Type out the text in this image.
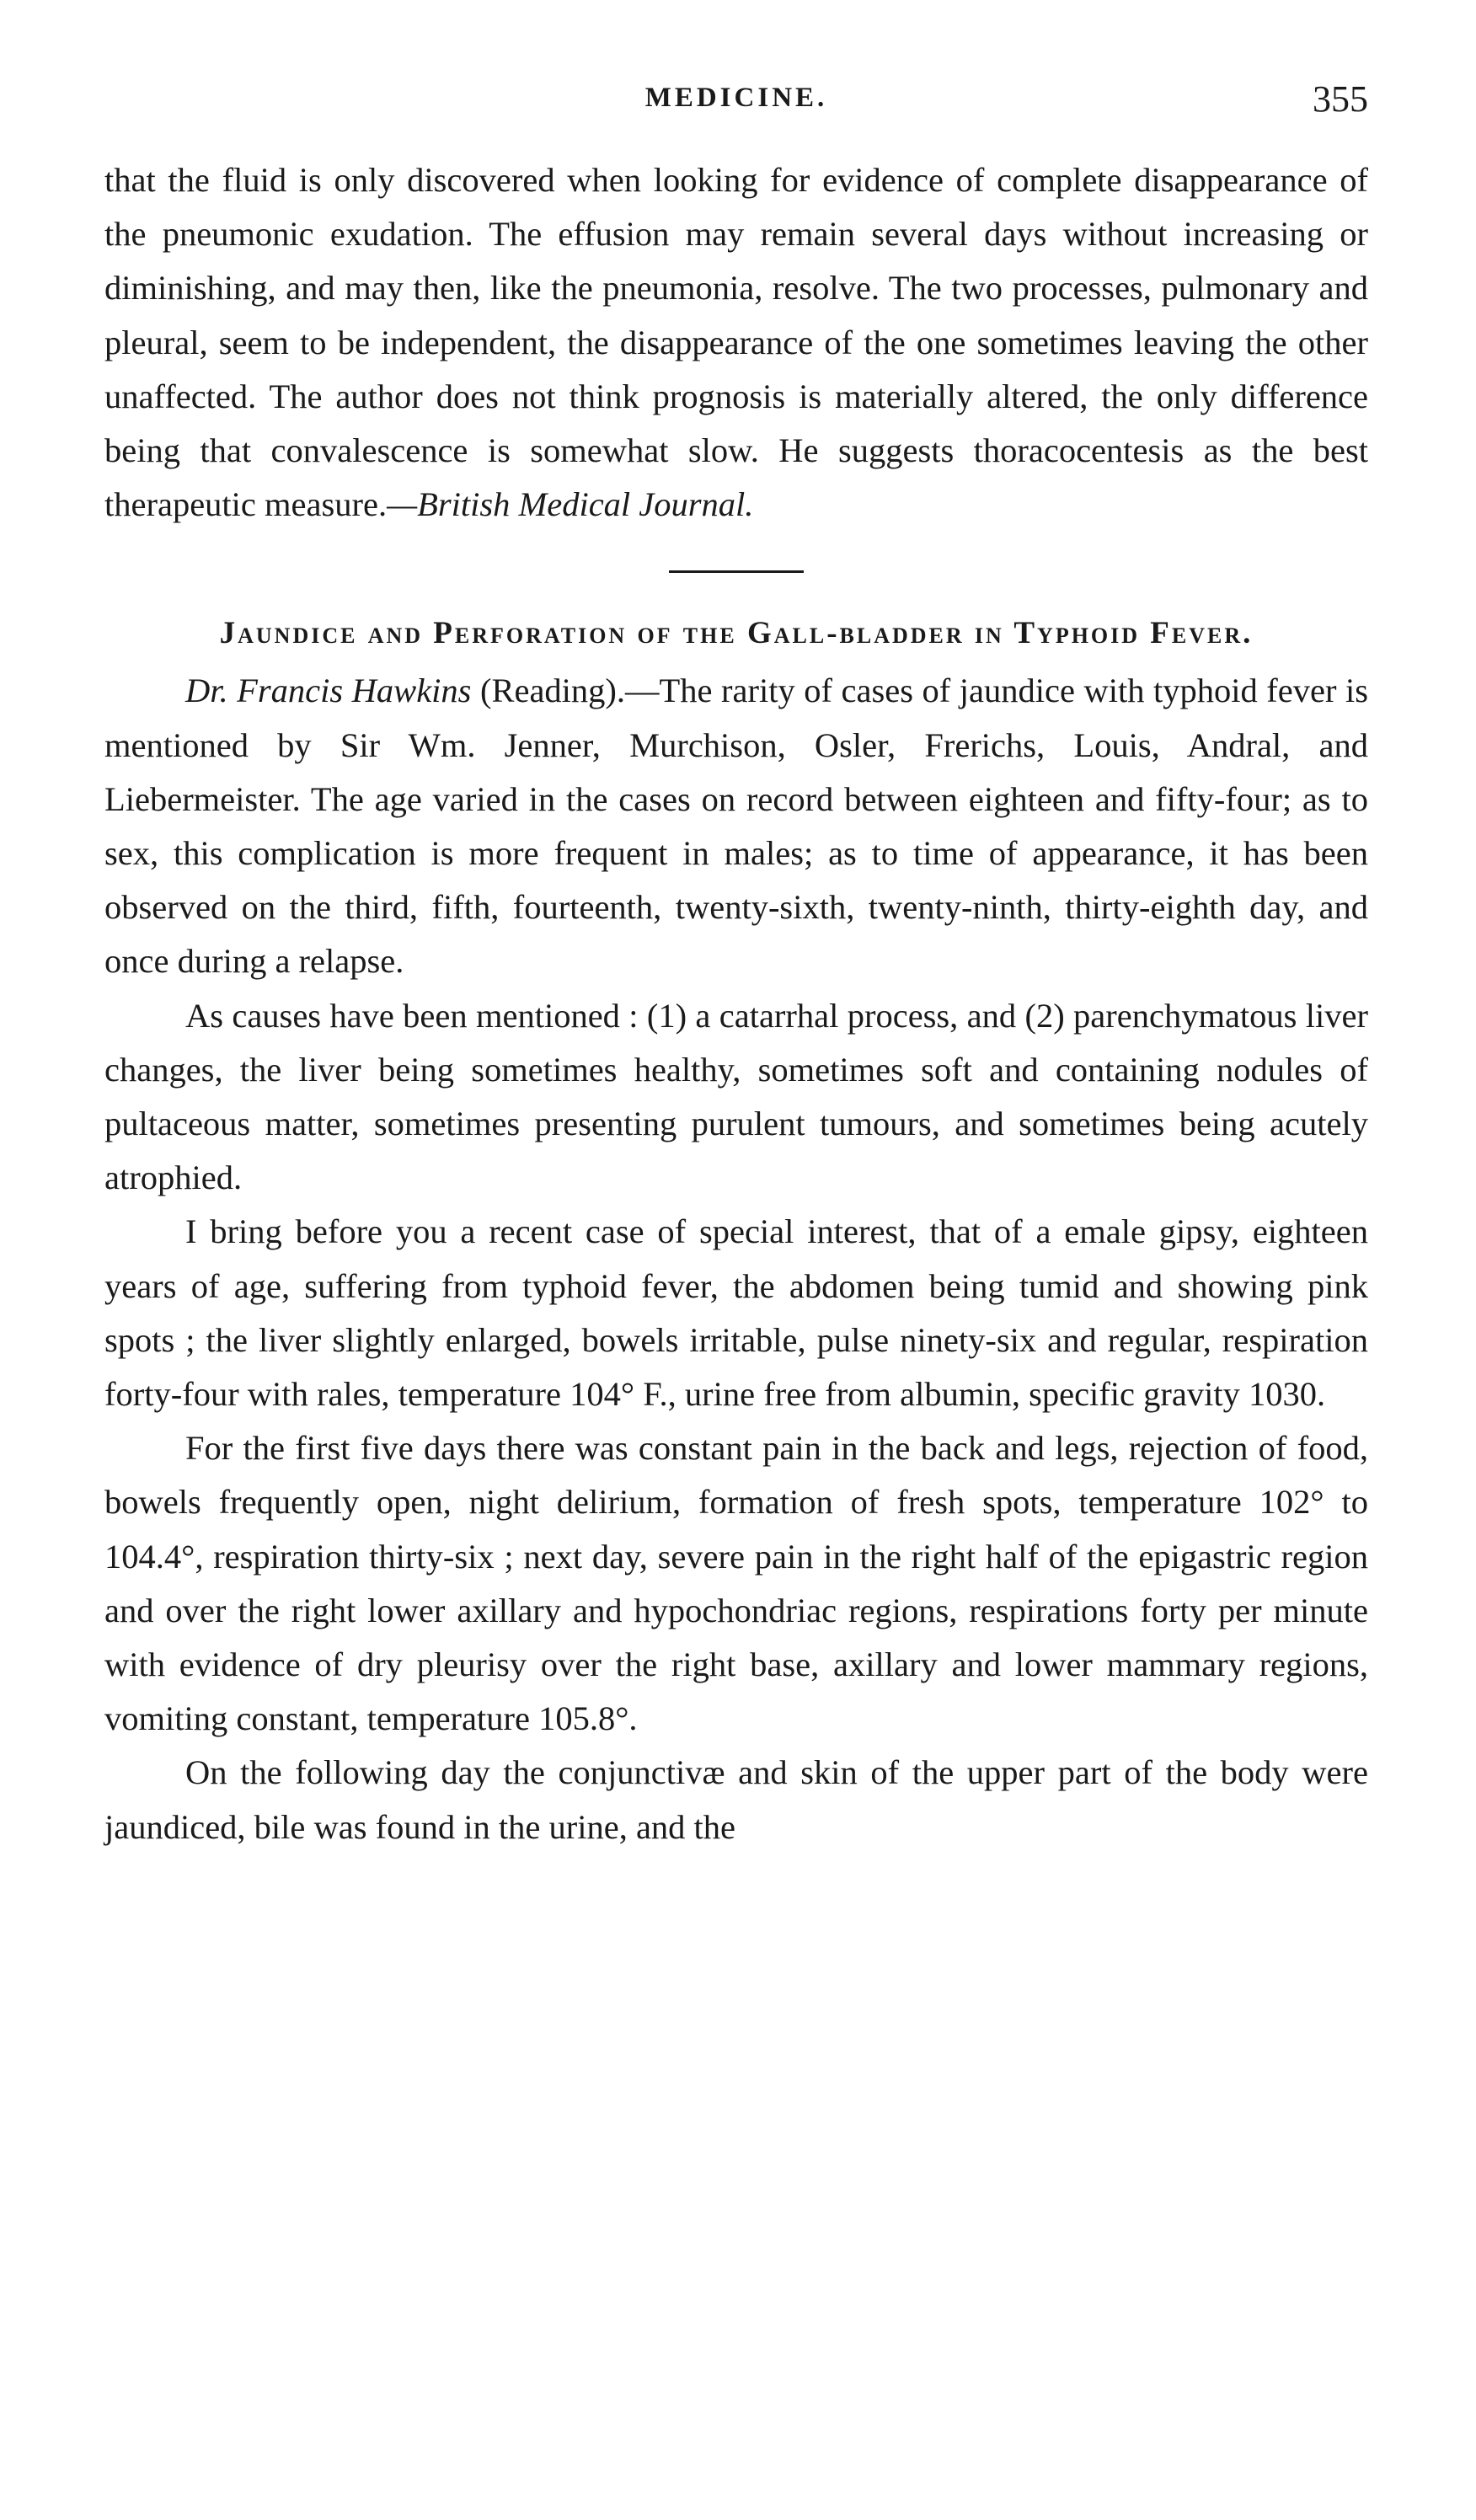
MEDICINE.	355

that the fluid is only discovered when looking for evidence of complete disappearance of the pneumonic exudation. The effusion may remain several days without increasing or diminishing, and may then, like the pneumonia, resolve. The two processes, pulmonary and pleural, seem to be independent, the disappearance of the one sometimes leaving the other unaffected. The author does not think prognosis is materially altered, the only difference being that convalescence is somewhat slow. He suggests thoracocentesis as the best therapeutic measure.—British Medical Journal.

Jaundice and Perforation of the Gall-bladder in Typhoid Fever.

Dr. Francis Hawkins (Reading).—The rarity of cases of jaundice with typhoid fever is mentioned by Sir Wm. Jenner, Murchison, Osler, Frerichs, Louis, Andral, and Liebermeister. The age varied in the cases on record between eighteen and fifty-four; as to sex, this complication is more frequent in males; as to time of appearance, it has been observed on the third, fifth, fourteenth, twenty-sixth, twenty-ninth, thirty-eighth day, and once during a relapse.

As causes have been mentioned : (1) a catarrhal process, and (2) parenchymatous liver changes, the liver being sometimes healthy, sometimes soft and containing nodules of pultaceous matter, sometimes presenting purulent tumours, and sometimes being acutely atrophied.

I bring before you a recent case of special interest, that of a emale gipsy, eighteen years of age, suffering from typhoid fever, the abdomen being tumid and showing pink spots ; the liver slightly enlarged, bowels irritable, pulse ninety-six and regular, respiration forty-four with rales, temperature 104° F., urine free from albumin, specific gravity 1030.

For the first five days there was constant pain in the back and legs, rejection of food, bowels frequently open, night delirium, formation of fresh spots, temperature 102° to 104.4°, respiration thirty-six ; next day, severe pain in the right half of the epigastric region and over the right lower axillary and hypochondriac regions, respirations forty per minute with evidence of dry pleurisy over the right base, axillary and lower mammary regions, vomiting constant, temperature 105.8°.

On the following day the conjunctivæ and skin of the upper part of the body were jaundiced, bile was found in the urine, and the
